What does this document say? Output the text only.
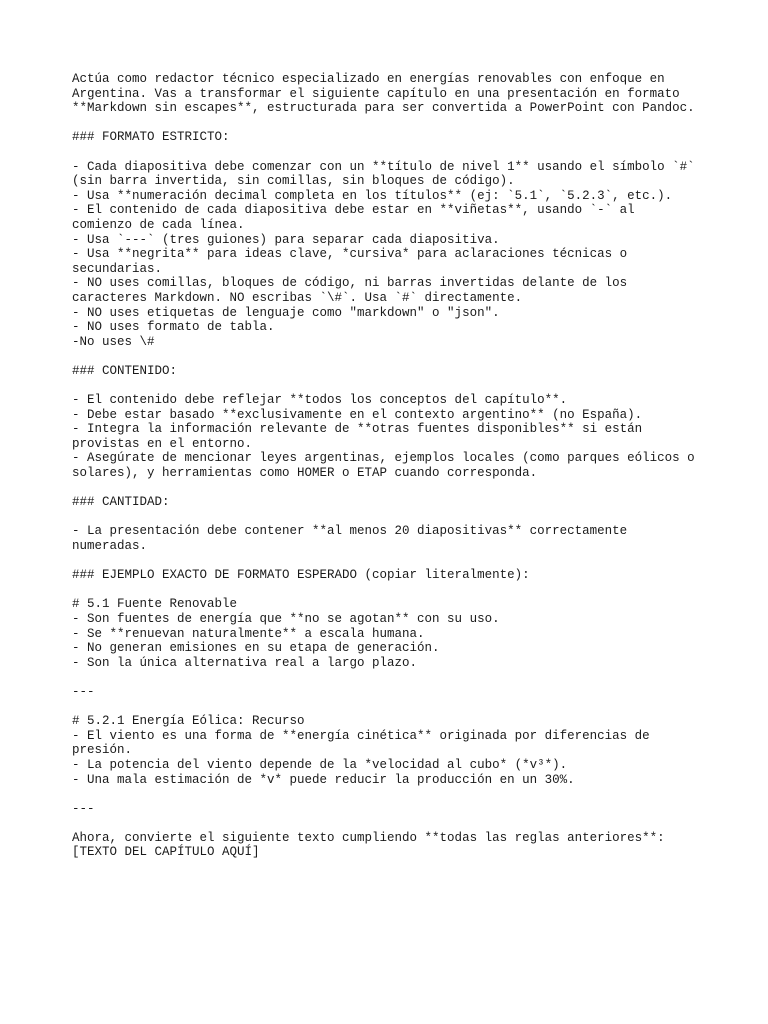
Actúa como redactor técnico especializado en energías renovables con enfoque en
Argentina. Vas a transformar el siguiente capítulo en una presentación en formato
**Markdown sin escapes**, estructurada para ser convertida a PowerPoint con Pandoc.

### FORMATO ESTRICTO:

- Cada diapositiva debe comenzar con un **título de nivel 1** usando el símbolo `#`
(sin barra invertida, sin comillas, sin bloques de código).
- Usa **numeración decimal completa en los títulos** (ej: `5.1`, `5.2.3`, etc.).
- El contenido de cada diapositiva debe estar en **viñetas**, usando `-` al
comienzo de cada línea.
- Usa `---` (tres guiones) para separar cada diapositiva.
- Usa **negrita** para ideas clave, *cursiva* para aclaraciones técnicas o
secundarias.
- NO uses comillas, bloques de código, ni barras invertidas delante de los
caracteres Markdown. NO escribas `\#`. Usa `#` directamente.
- NO uses etiquetas de lenguaje como "markdown" o "json".
- NO uses formato de tabla.
-No uses \#

### CONTENIDO:

- El contenido debe reflejar **todos los conceptos del capítulo**.
- Debe estar basado **exclusivamente en el contexto argentino** (no España).
- Integra la información relevante de **otras fuentes disponibles** si están
provistas en el entorno.
- Asegúrate de mencionar leyes argentinas, ejemplos locales (como parques eólicos o
solares), y herramientas como HOMER o ETAP cuando corresponda.

### CANTIDAD:

- La presentación debe contener **al menos 20 diapositivas** correctamente
numeradas.

### EJEMPLO EXACTO DE FORMATO ESPERADO (copiar literalmente):

# 5.1 Fuente Renovable
- Son fuentes de energía que **no se agotan** con su uso.
- Se **renuevan naturalmente** a escala humana.
- No generan emisiones en su etapa de generación.
- Son la única alternativa real a largo plazo.

---

# 5.2.1 Energía Eólica: Recurso
- El viento es una forma de **energía cinética** originada por diferencias de
presión.
- La potencia del viento depende de la *velocidad al cubo* (*v³*).
- Una mala estimación de *v* puede reducir la producción en un 30%.

---

Ahora, convierte el siguiente texto cumpliendo **todas las reglas anteriores**:
[TEXTO DEL CAPÍTULO AQUÍ]
